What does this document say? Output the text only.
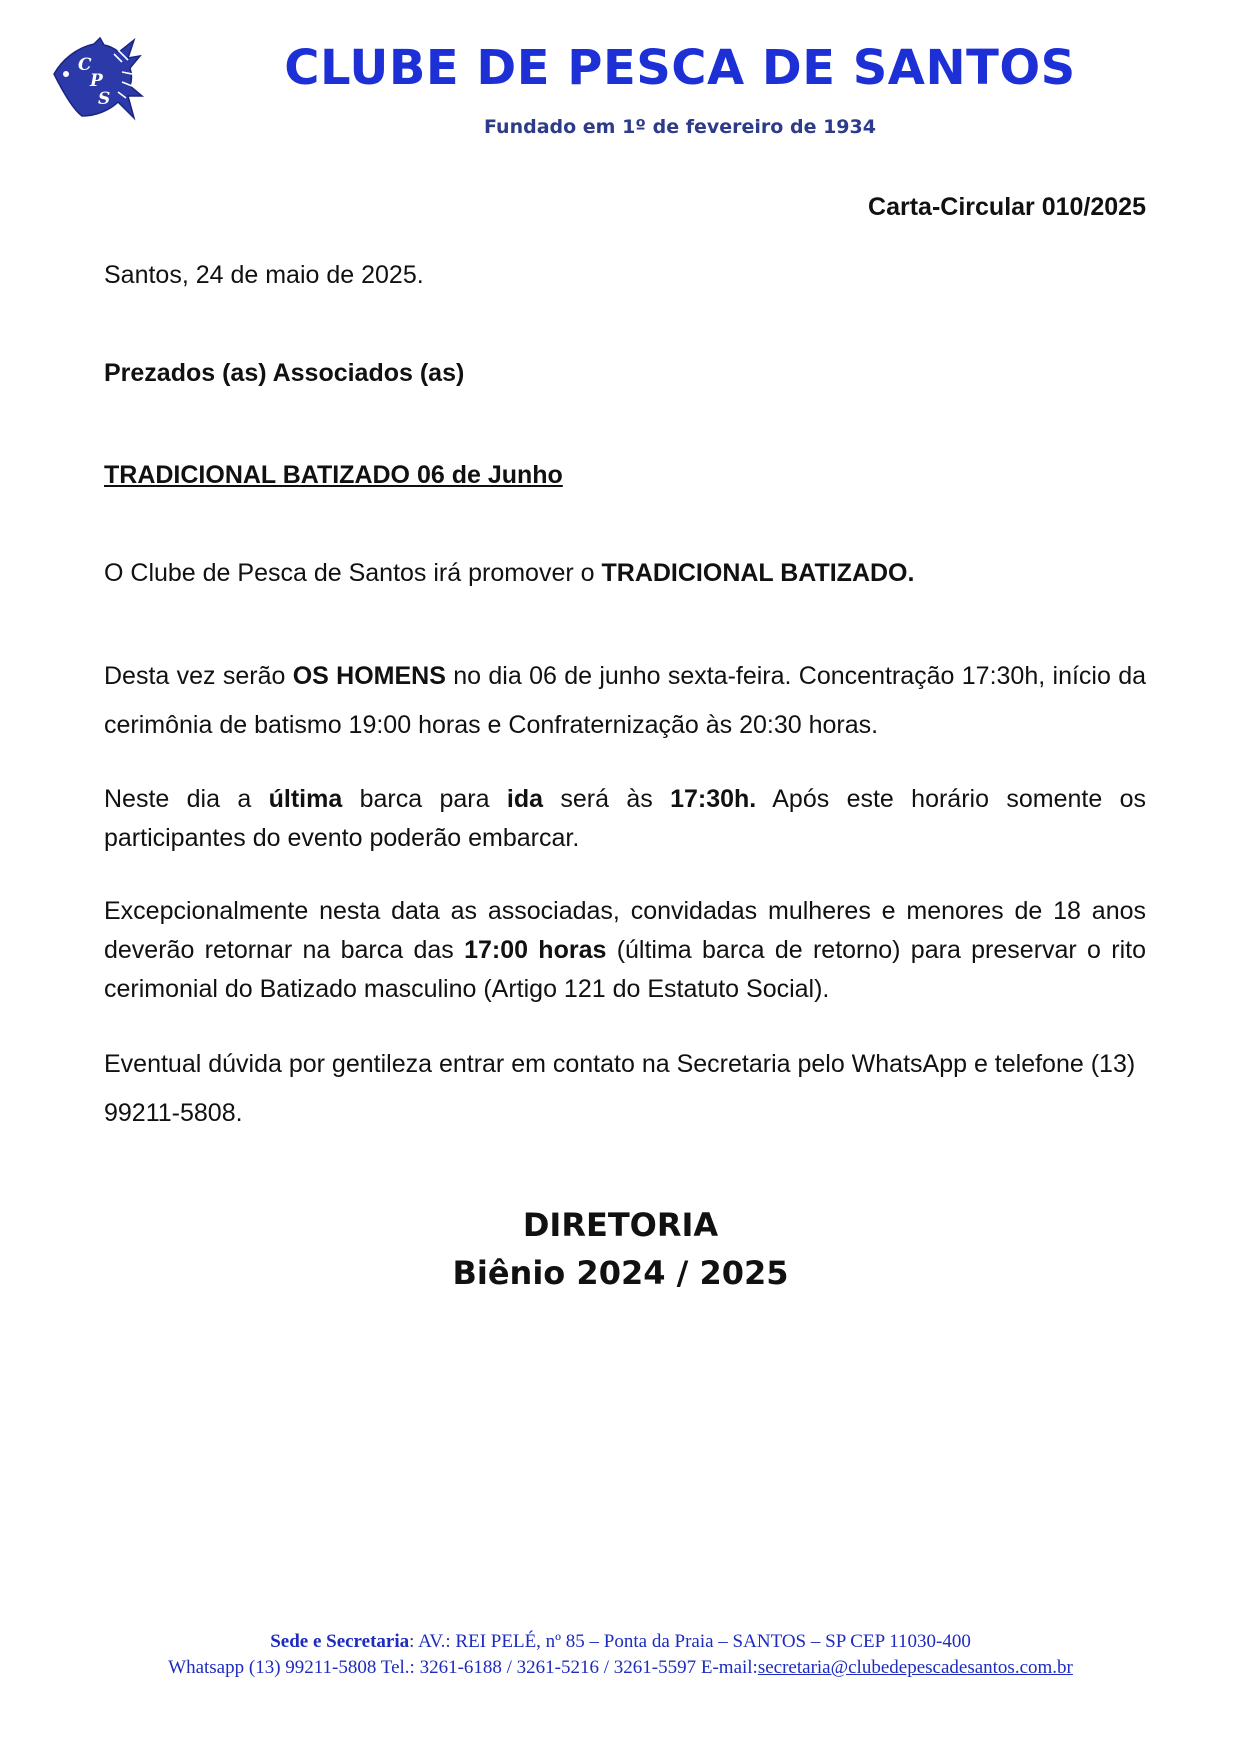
C
P
S
CLUBE DE PESCA DE SANTOS
Fundado em 1º de fevereiro de 1934
Carta-Circular 010/2025

Santos, 24 de maio de 2025.

Prezados (as) Associados (as)

TRADICIONAL BATIZADO 06 de Junho

O Clube de Pesca de Santos irá promover o TRADICIONAL BATIZADO.

Desta vez serão OS HOMENS no dia 06 de junho sexta-feira. Concentração 17:30h, início da cerimônia de batismo 19:00 horas e Confraternização às 20:30 horas.

Neste dia a última barca para ida será às 17:30h. Após este horário somente os participantes do evento poderão embarcar.

Excepcionalmente nesta data as associadas, convidadas mulheres e menores de 18 anos deverão retornar na barca das 17:00 horas (última barca de retorno) para preservar o rito cerimonial do Batizado masculino (Artigo 121 do Estatuto Social).

Eventual dúvida por gentileza entrar em contato na Secretaria pelo WhatsApp e telefone (13) 99211-5808.

DIRETORIA
Biênio 2024 / 2025
Sede e Secretaria: AV.: REI PELÉ, nº 85 – Ponta da Praia – SANTOS – SP CEP 11030-400
Whatsapp (13) 99211-5808 Tel.: 3261-6188 / 3261-5216 / 3261-5597 E-mail:secretaria@clubedepescadesantos.com.br
